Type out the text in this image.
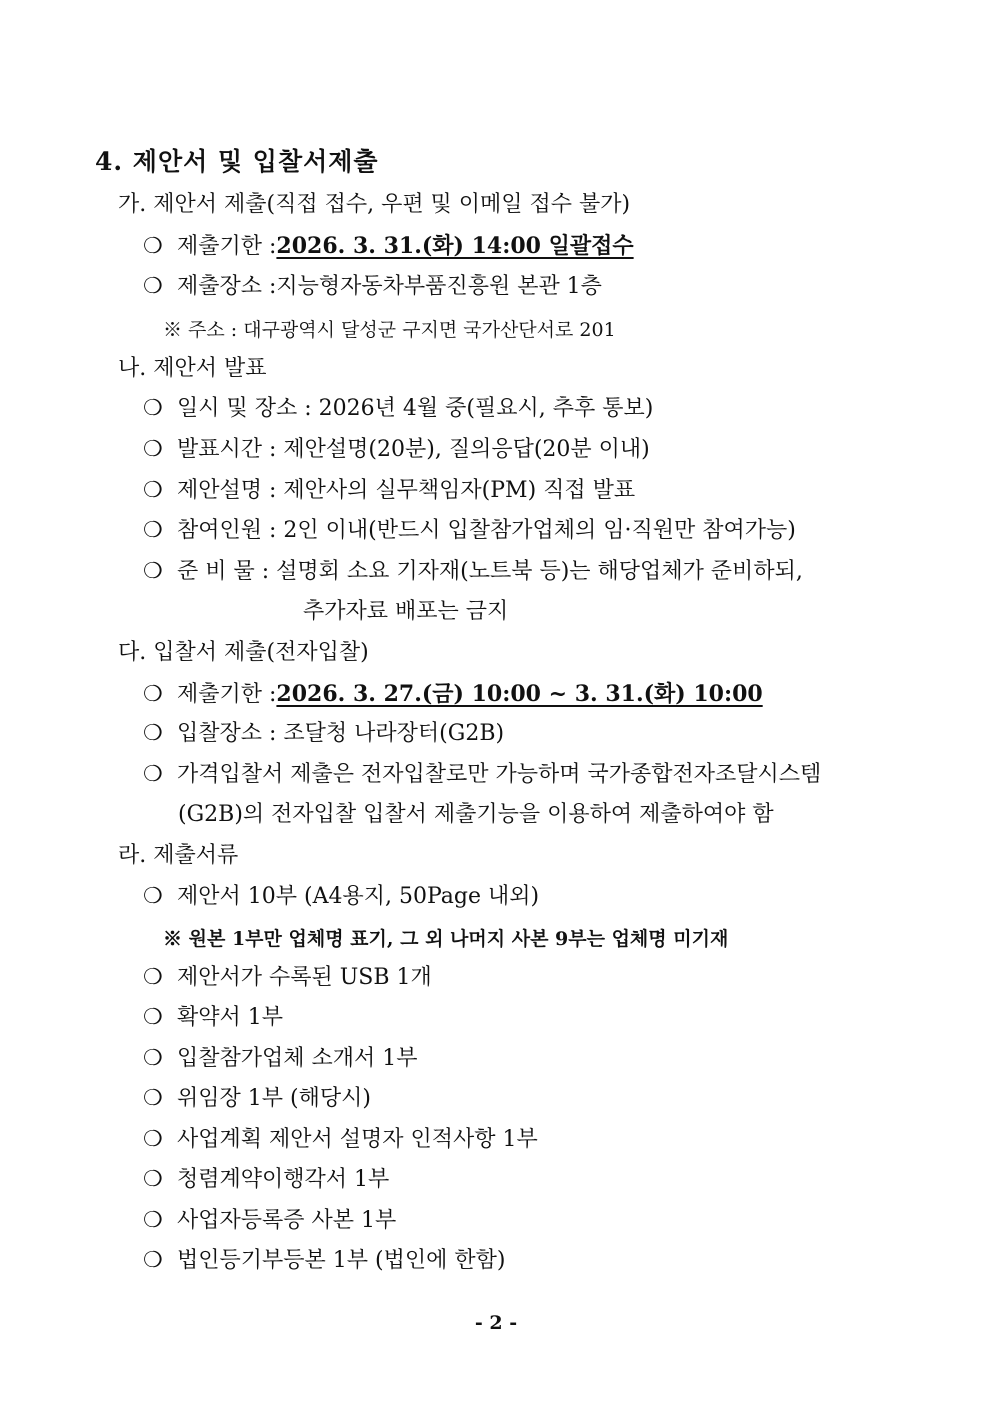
4. 제안서 및 입찰서제출
가. 제안서 제출(직접 접수, 우편 및 이메일 접수 불가)
❍ 제출기한 :2026. 3. 31.(화) 14:00 일괄접수
❍ 제출장소 :지능형자동차부품진흥원 본관 1층
※ 주소 : 대구광역시 달성군 구지면 국가산단서로 201
나. 제안서 발표
❍ 일시 및 장소 : 2026년 4월 중(필요시, 추후 통보)
❍ 발표시간 : 제안설명(20분), 질의응답(20분 이내)
❍ 제안설명 : 제안사의 실무책임자(PM) 직접 발표
❍ 참여인원 : 2인 이내(반드시 입찰참가업체의 임·직원만 참여가능)
❍ 준 비 물 : 설명회 소요 기자재(노트북 등)는 해당업체가 준비하되,
추가자료 배포는 금지
다. 입찰서 제출(전자입찰)
❍ 제출기한 :2026. 3. 27.(금) 10:00 ~ 3. 31.(화) 10:00
❍ 입찰장소 : 조달청 나라장터(G2B)
❍ 가격입찰서 제출은 전자입찰로만 가능하며 국가종합전자조달시스템
(G2B)의 전자입찰 입찰서 제출기능을 이용하여 제출하여야 함
라. 제출서류
❍ 제안서 10부 (A4용지, 50Page 내외)
※ 원본 1부만 업체명 표기, 그 외 나머지 사본 9부는 업체명 미기재
❍ 제안서가 수록된 USB 1개
❍ 확약서 1부
❍ 입찰참가업체 소개서 1부
❍ 위임장 1부 (해당시)
❍ 사업계획 제안서 설명자 인적사항 1부
❍ 청렴계약이행각서 1부
❍ 사업자등록증 사본 1부
❍ 법인등기부등본 1부 (법인에 한함)
- 2 -
